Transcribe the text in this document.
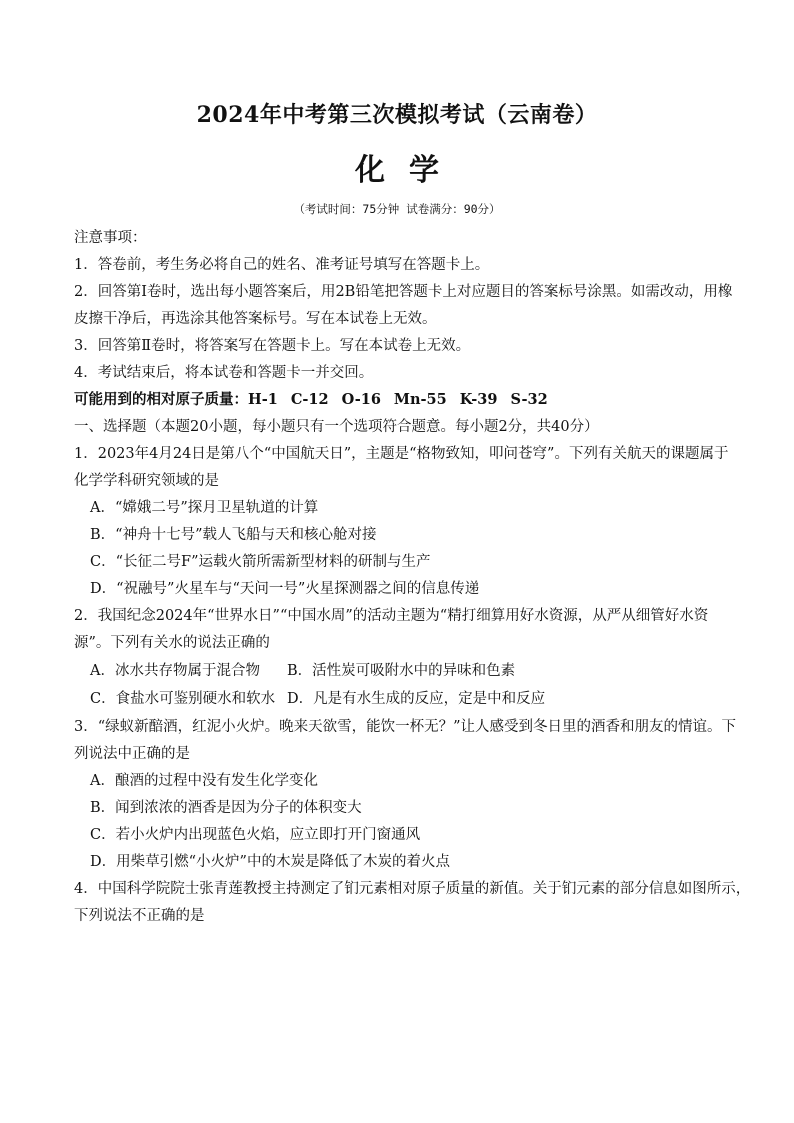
2024年中考第三次模拟考试（云南卷）
化学
（考试时间：75分钟 试卷满分：90分）
注意事项：
1．答卷前，考生务必将自己的姓名、准考证号填写在答题卡上。
2．回答第Ⅰ卷时，选出每小题答案后，用2B铅笔把答题卡上对应题目的答案标号涂黑。如需改动，用橡
皮擦干净后，再选涂其他答案标号。写在本试卷上无效。
3．回答第Ⅱ卷时，将答案写在答题卡上。写在本试卷上无效。
4．考试结束后，将本试卷和答题卡一并交回。
可能用到的相对原子质量：H-1 C-12 O-16 Mn-55 K-39 S-32
一、选择题（本题20小题，每小题只有一个选项符合题意。每小题2分，共40分）
1．2023年4月24日是第八个“中国航天日”，主题是“格物致知，叩问苍穹”。下列有关航天的课题属于
化学学科研究领域的是
A．“嫦娥二号”探月卫星轨道的计算
B．“神舟十七号”载人飞船与天和核心舱对接
C．“长征二号F”运载火箭所需新型材料的研制与生产
D．“祝融号”火星车与“天问一号”火星探测器之间的信息传递
2．我国纪念2024年“世界水日”“中国水周”的活动主题为“精打细算用好水资源，从严从细管好水资
源”。下列有关水的说法正确的
A．冰水共存物属于混合物 B．活性炭可吸附水中的异味和色素
C．食盐水可鉴别硬水和软水 D．凡是有水生成的反应，定是中和反应
3．“绿蚁新醅酒，红泥小火炉。晚来天欲雪，能饮一杯无？”让人感受到冬日里的酒香和朋友的情谊。下
列说法中正确的是
A．酿酒的过程中没有发生化学变化
B．闻到浓浓的酒香是因为分子的体积变大
C．若小火炉内出现蓝色火焰，应立即打开门窗通风
D．用柴草引燃“小火炉”中的木炭是降低了木炭的着火点
4．中国科学院院士张青莲教授主持测定了钔元素相对原子质量的新值。关于钔元素的部分信息如图所示，
下列说法不正确的是
